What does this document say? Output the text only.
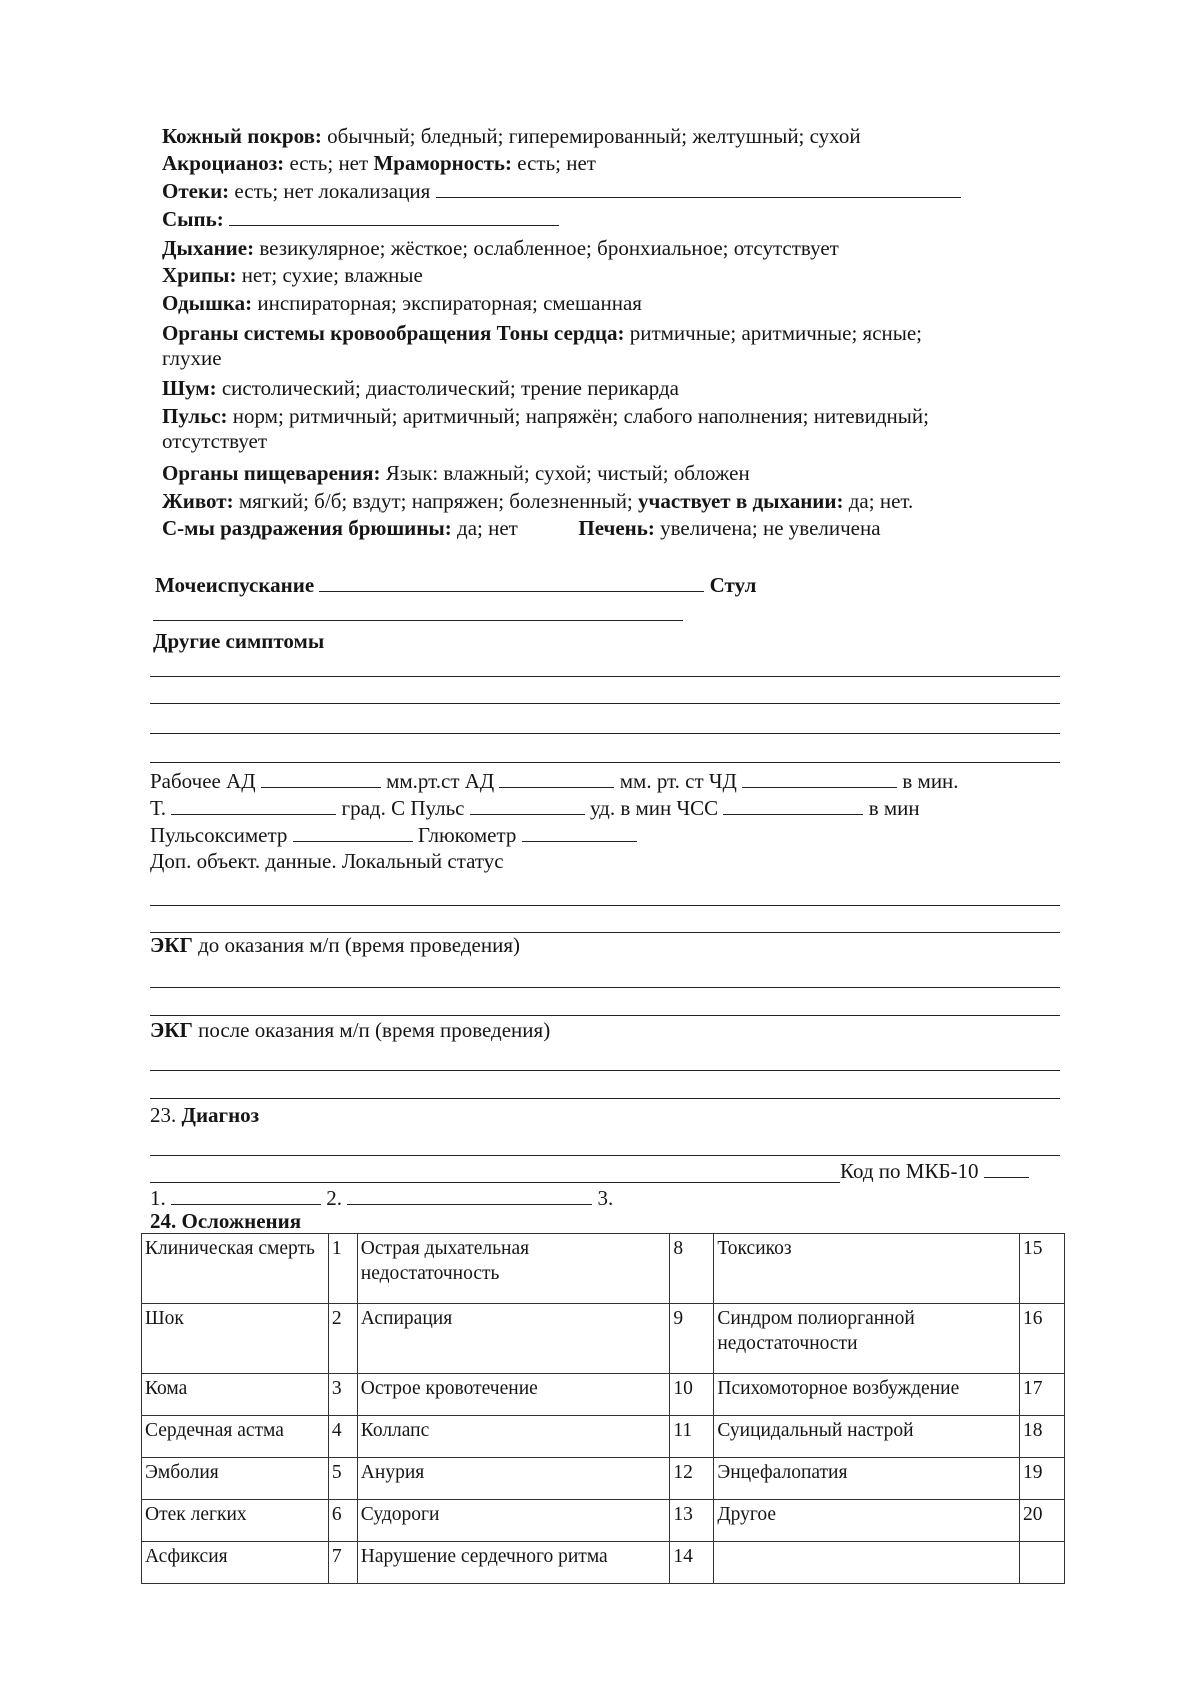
Кожный покров: обычный; бледный; гиперемированный; желтушный; сухой
Акроцианоз: есть; нет Мраморность: есть; нет
Отеки: есть; нет локализация
Сыпь:
Дыхание: везикулярное; жёсткое; ослабленное; бронхиальное; отсутствует
Хрипы: нет; сухие; влажные
Одышка: инспираторная; экспираторная; смешанная
Органы системы кровообращения Тоны сердца: ритмичные; аритмичные; ясные;
глухие
Шум: систолический; диастолический; трение перикарда
Пульс: норм; ритмичный; аритмичный; напряжён; слабого наполнения; нитевидный;
отсутствует
Органы пищеварения: Язык: влажный; сухой; чистый; обложен
Живот: мягкий; б/б; вздут; напряжен; болезненный; участвует в дыхании: да; нет.
С-мы раздражения брюшины: да; нет	Печень: увеличена; не увеличена
Мочеиспускание	Стул
Другие симптомы
Рабочее АД	мм.рт.ст АД	мм. рт. ст ЧД	в мин.
Т.	град. С Пульс	уд. в мин ЧСС	в мин
Пульсоксиметр	Глюкометр
Доп. объект. данные. Локальный статус
ЭКГ до оказания м/п (время проведения)
ЭКГ после оказания м/п (время проведения)
23. Диагноз
Код по МКБ-10
1.	2.	3.
24. Осложнения
Клиническая смерть	1	Острая дыхательная недостаточность	8	Токсикоз	15
Шок	2	Аспирация	9	Синдром полиорганной недостаточности	16
Кома	3	Острое кровотечение	10	Психомоторное возбуждение	17
Сердечная астма	4	Коллапс	11	Суицидальный настрой	18
Эмболия	5	Анурия	12	Энцефалопатия	19
Отек легких	6	Судороги	13	Другое	20
Асфиксия	7	Нарушение сердечного ритма	14		
